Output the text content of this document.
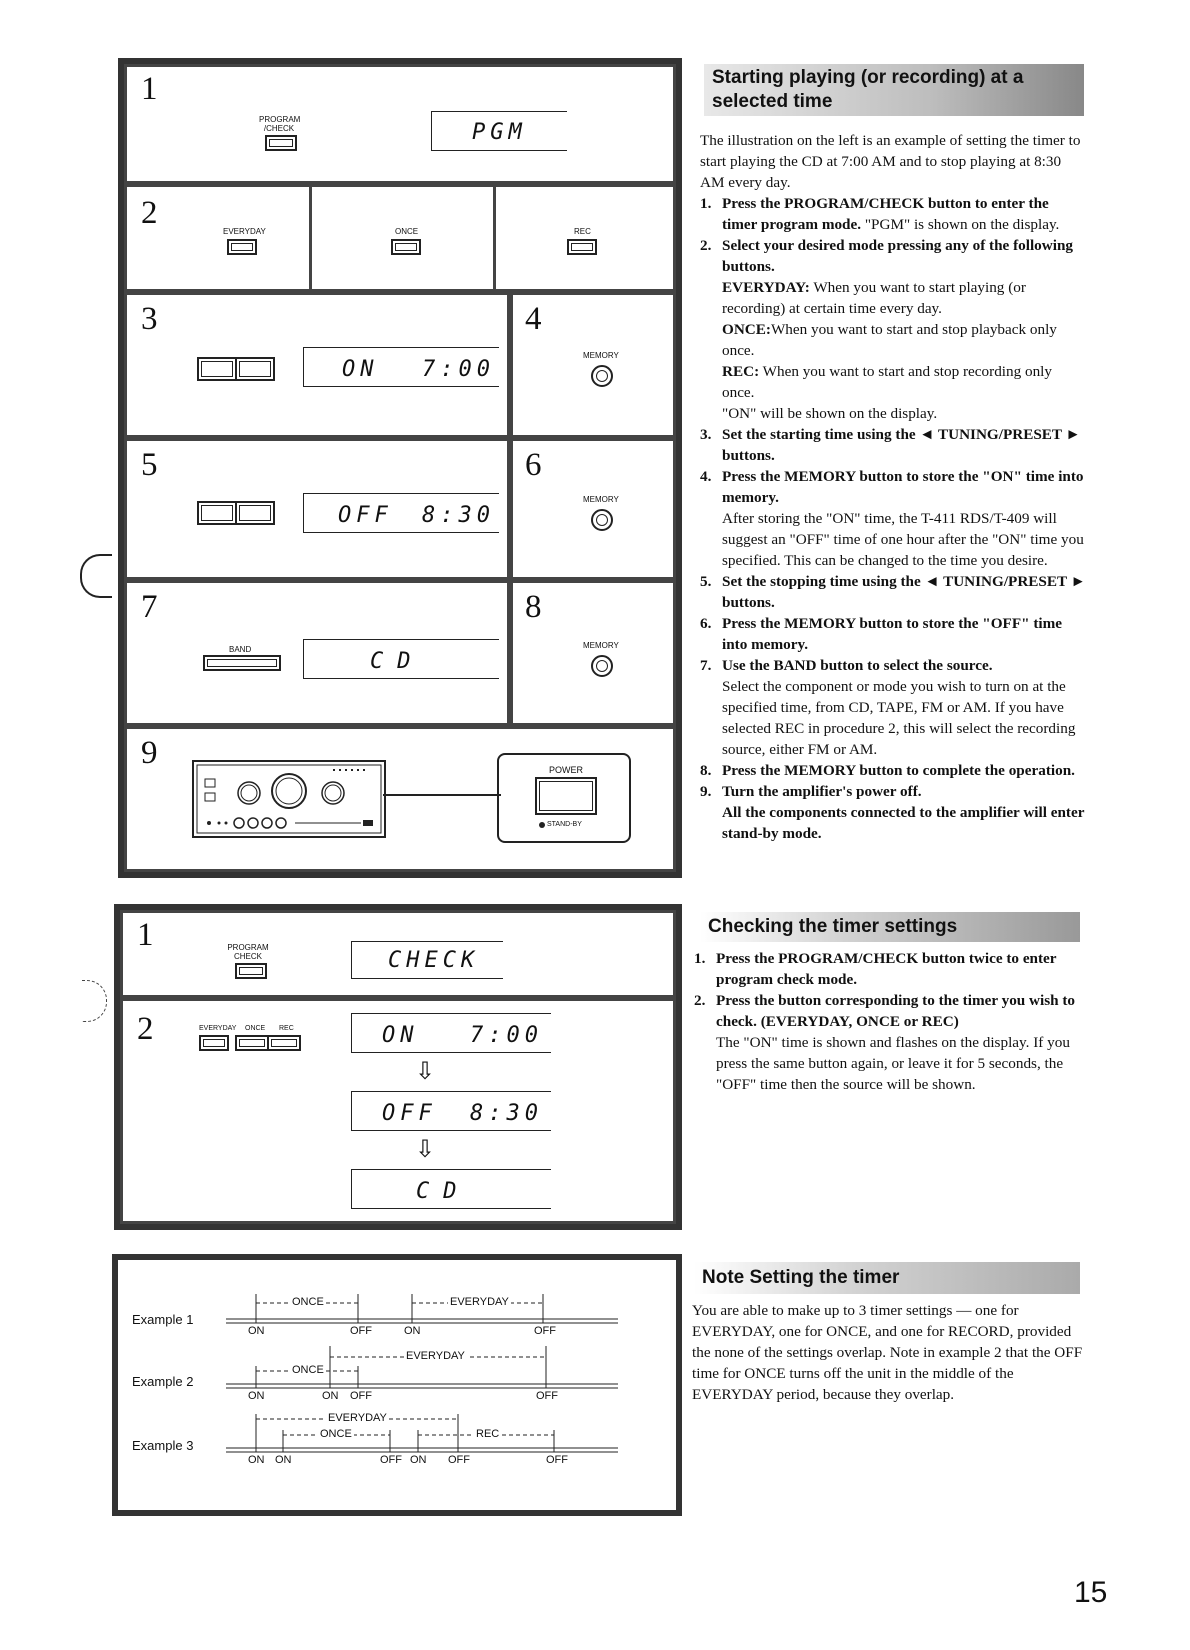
1
PROGRAM
/CHECK	PGM
2
EVERYDAY	ONCE	REC
3
ON 7:00
4
MEMORY
5
OFF 8:30
6
MEMORY
7
BAND	CD
8
MEMORY
9	POWER
STAND-BY
1	PROGRAM
CHECK	CHECK
2	EVERYDAY ONCE REC	ON 7:00
⇩
OFF 8:30
⇩
CD
Example 1
Example 2
Example 3
ONCE	EVERYDAY
ON	OFF	ON	OFF
EVERYDAY
ONCE
ON	ON OFF	OFF
EVERYDAY
ONCE	REC
ON ON	OFF ON OFF	OFF
Starting playing (or recording) at a
selected time

The illustration on the left is an example of setting the timer to start playing the CD at 7:00 AM and to stop playing at 8:30 AM every day.

1. Press the PROGRAM/CHECK button to enter the timer program mode. "PGM" is shown on the display.
2. Select your desired mode pressing any of the following buttons.

EVERYDAY: When you want to start playing (or recording) at certain time every day.

ONCE:When you want to start and stop playback only once.

REC: When you want to start and stop recording only once.

"ON" will be shown on the display.

3. Set the starting time using the ◄ TUNING/PRESET ► buttons.
4. Press the MEMORY button to store the "ON" time into memory.

After storing the "ON" time, the T-411 RDS/T-409 will suggest an "OFF" time of one hour after the "ON" time you specified. This can be changed to the time you desire.

5. Set the stopping time using the ◄ TUNING/PRESET ► buttons.
6. Press the MEMORY button to store the "OFF" time into memory.
7. Use the BAND button to select the source.

Select the component or mode you wish to turn on at the specified time, from CD, TAPE, FM or AM. If you have selected REC in procedure 2, this will select the recording source, either FM or AM.

8. Press the MEMORY button to complete the operation.
9. Turn the amplifier's power off.

All the components connected to the amplifier will enter stand-by mode.

Checking the timer settings
1. Press the PROGRAM/CHECK button twice to enter program check mode.
2. Press the button corresponding to the timer you wish to check. (EVERYDAY, ONCE or REC)

The "ON" time is shown and flashes on the display. If you press the same button again, or leave it for 5 seconds, the "OFF" time then the source will be shown.

Note Setting the timer

You are able to make up to 3 timer settings — one for EVERYDAY, one for ONCE, and one for RECORD, provided the none of the settings overlap. Note in example 2 that the OFF time for ONCE turns off the unit in the middle of the EVERYDAY period, because they overlap.

15
